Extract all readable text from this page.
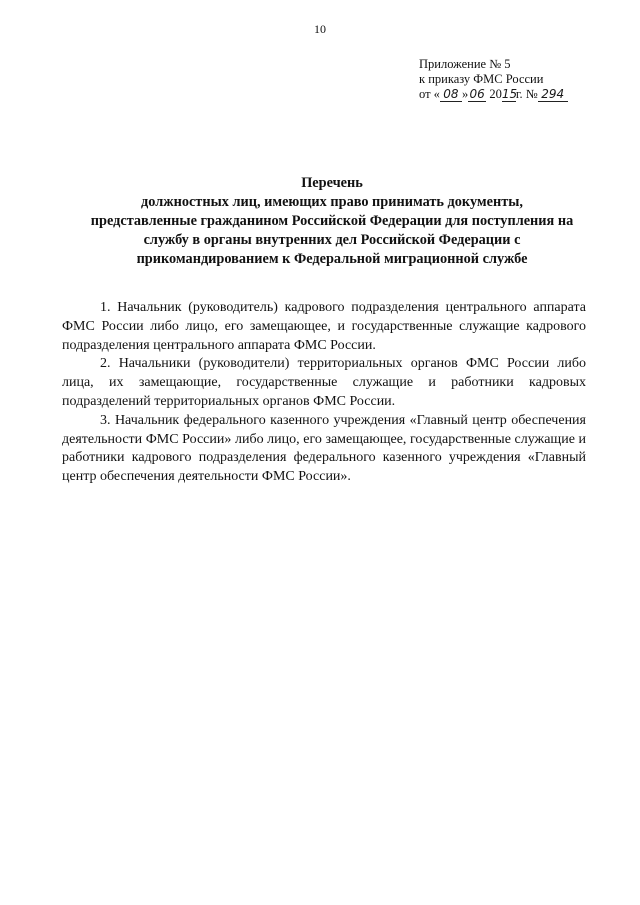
10
Приложение № 5
к приказу ФМС России
от « 08 »06 2015г. № 294
Перечень
должностных лиц, имеющих право принимать документы,
представленные гражданином Российской Федерации для поступления на
службу в органы внутренних дел Российской Федерации с
прикомандированием к Федеральной миграционной службе

1. Начальник (руководитель) кадрового подразделения центрального аппарата ФМС России либо лицо, его замещающее, и государственные служащие кадрового подразделения центрального аппарата ФМС России.

2. Начальники (руководители) территориальных органов ФМС России либо лица, их замещающие, государственные служащие и работники кадровых подразделений территориальных органов ФМС России.

3. Начальник федерального казенного учреждения «Главный центр обеспечения деятельности ФМС России» либо лицо, его замещающее, государственные служащие и работники кадрового подразделения федерального казенного учреждения «Главный центр обеспечения деятельности ФМС России».
